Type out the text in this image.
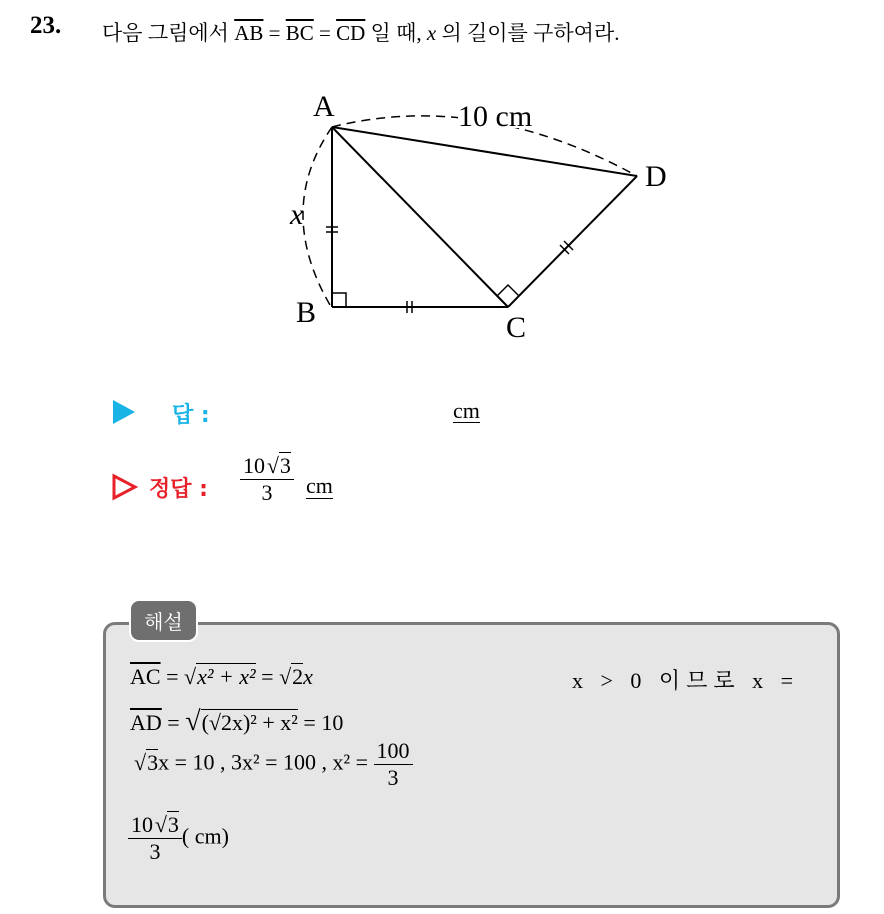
23. 다음 그림에서 $\overline{AB} = \overline{BC} = \overline{CD}$ 일 때, x 의 길이를 구하여라.
A
B	C
D
x
10 cm
답 :	cm
정답 : $\frac{10 √3}{3}$ cm
해설
$\overline{AC} = √x^2 + x^2 = √2x$	x > 0 이므로 x =
$\overline{AD} = √(√2x)^2 + x^2 = 10$
√3x = 10 , 3x² = 100 , $x^2 = \frac{100}{3}$
$\frac{10 √3}{3}$ ( cm)
